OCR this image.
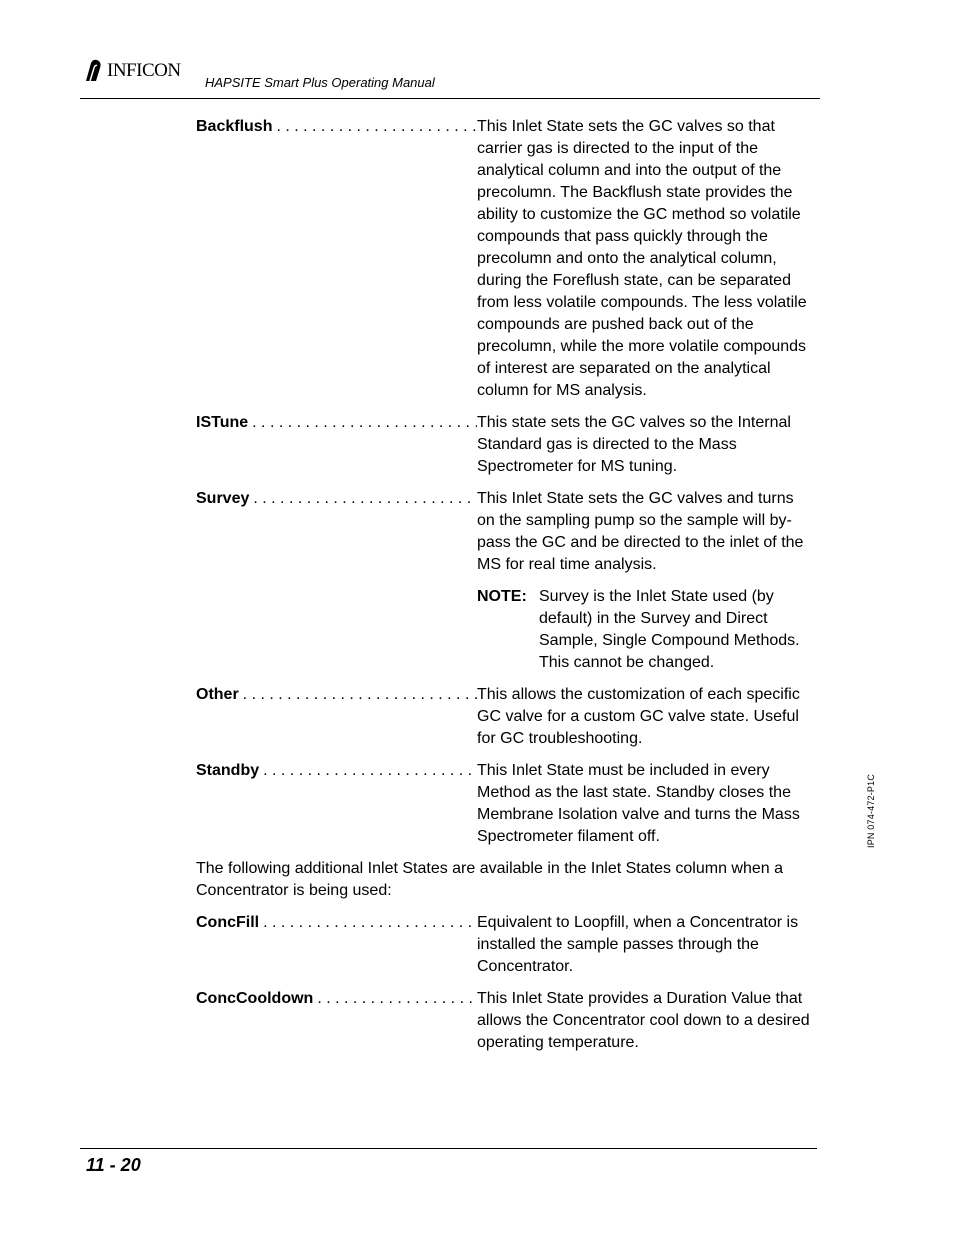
INFICON
HAPSITE Smart Plus Operating Manual
IPN 074-472-P1C
Backflush . . .	This Inlet State sets the GC valves so that carrier gas is directed to the input of the analytical column and into the output of the precolumn. The Backflush state provides the ability to customize the GC method so volatile compounds that pass quickly through the precolumn and onto the analytical column, during the Foreflush state, can be separated from less volatile compounds. The less volatile compounds are pushed back out of the precolumn, while the more volatile compounds of interest are separated on the analytical column for MS analysis.
ISTune . . .	This state sets the GC valves so the Internal Standard gas is directed to the Mass Spectrometer for MS tuning.
Survey . . .	This Inlet State sets the GC valves and turns on the sampling pump so the sample will by-pass the GC and be directed to the inlet of the MS for real time analysis.
NOTE: Survey is the Inlet State used (by default) in the Survey and Direct Sample, Single Compound Methods. This cannot be changed.
Other . . .	This allows the customization of each specific GC valve for a custom GC valve state. Useful for GC troubleshooting.
Standby . . .	This Inlet State must be included in every Method as the last state. Standby closes the Membrane Isolation valve and turns the Mass Spectrometer filament off.
The following additional Inlet States are available in the Inlet States column when a Concentrator is being used:
ConcFill . . .	Equivalent to Loopfill, when a Concentrator is installed the sample passes through the Concentrator.
ConcCooldown . . .	This Inlet State provides a Duration Value that allows the Concentrator cool down to a desired operating temperature.
11 - 20
